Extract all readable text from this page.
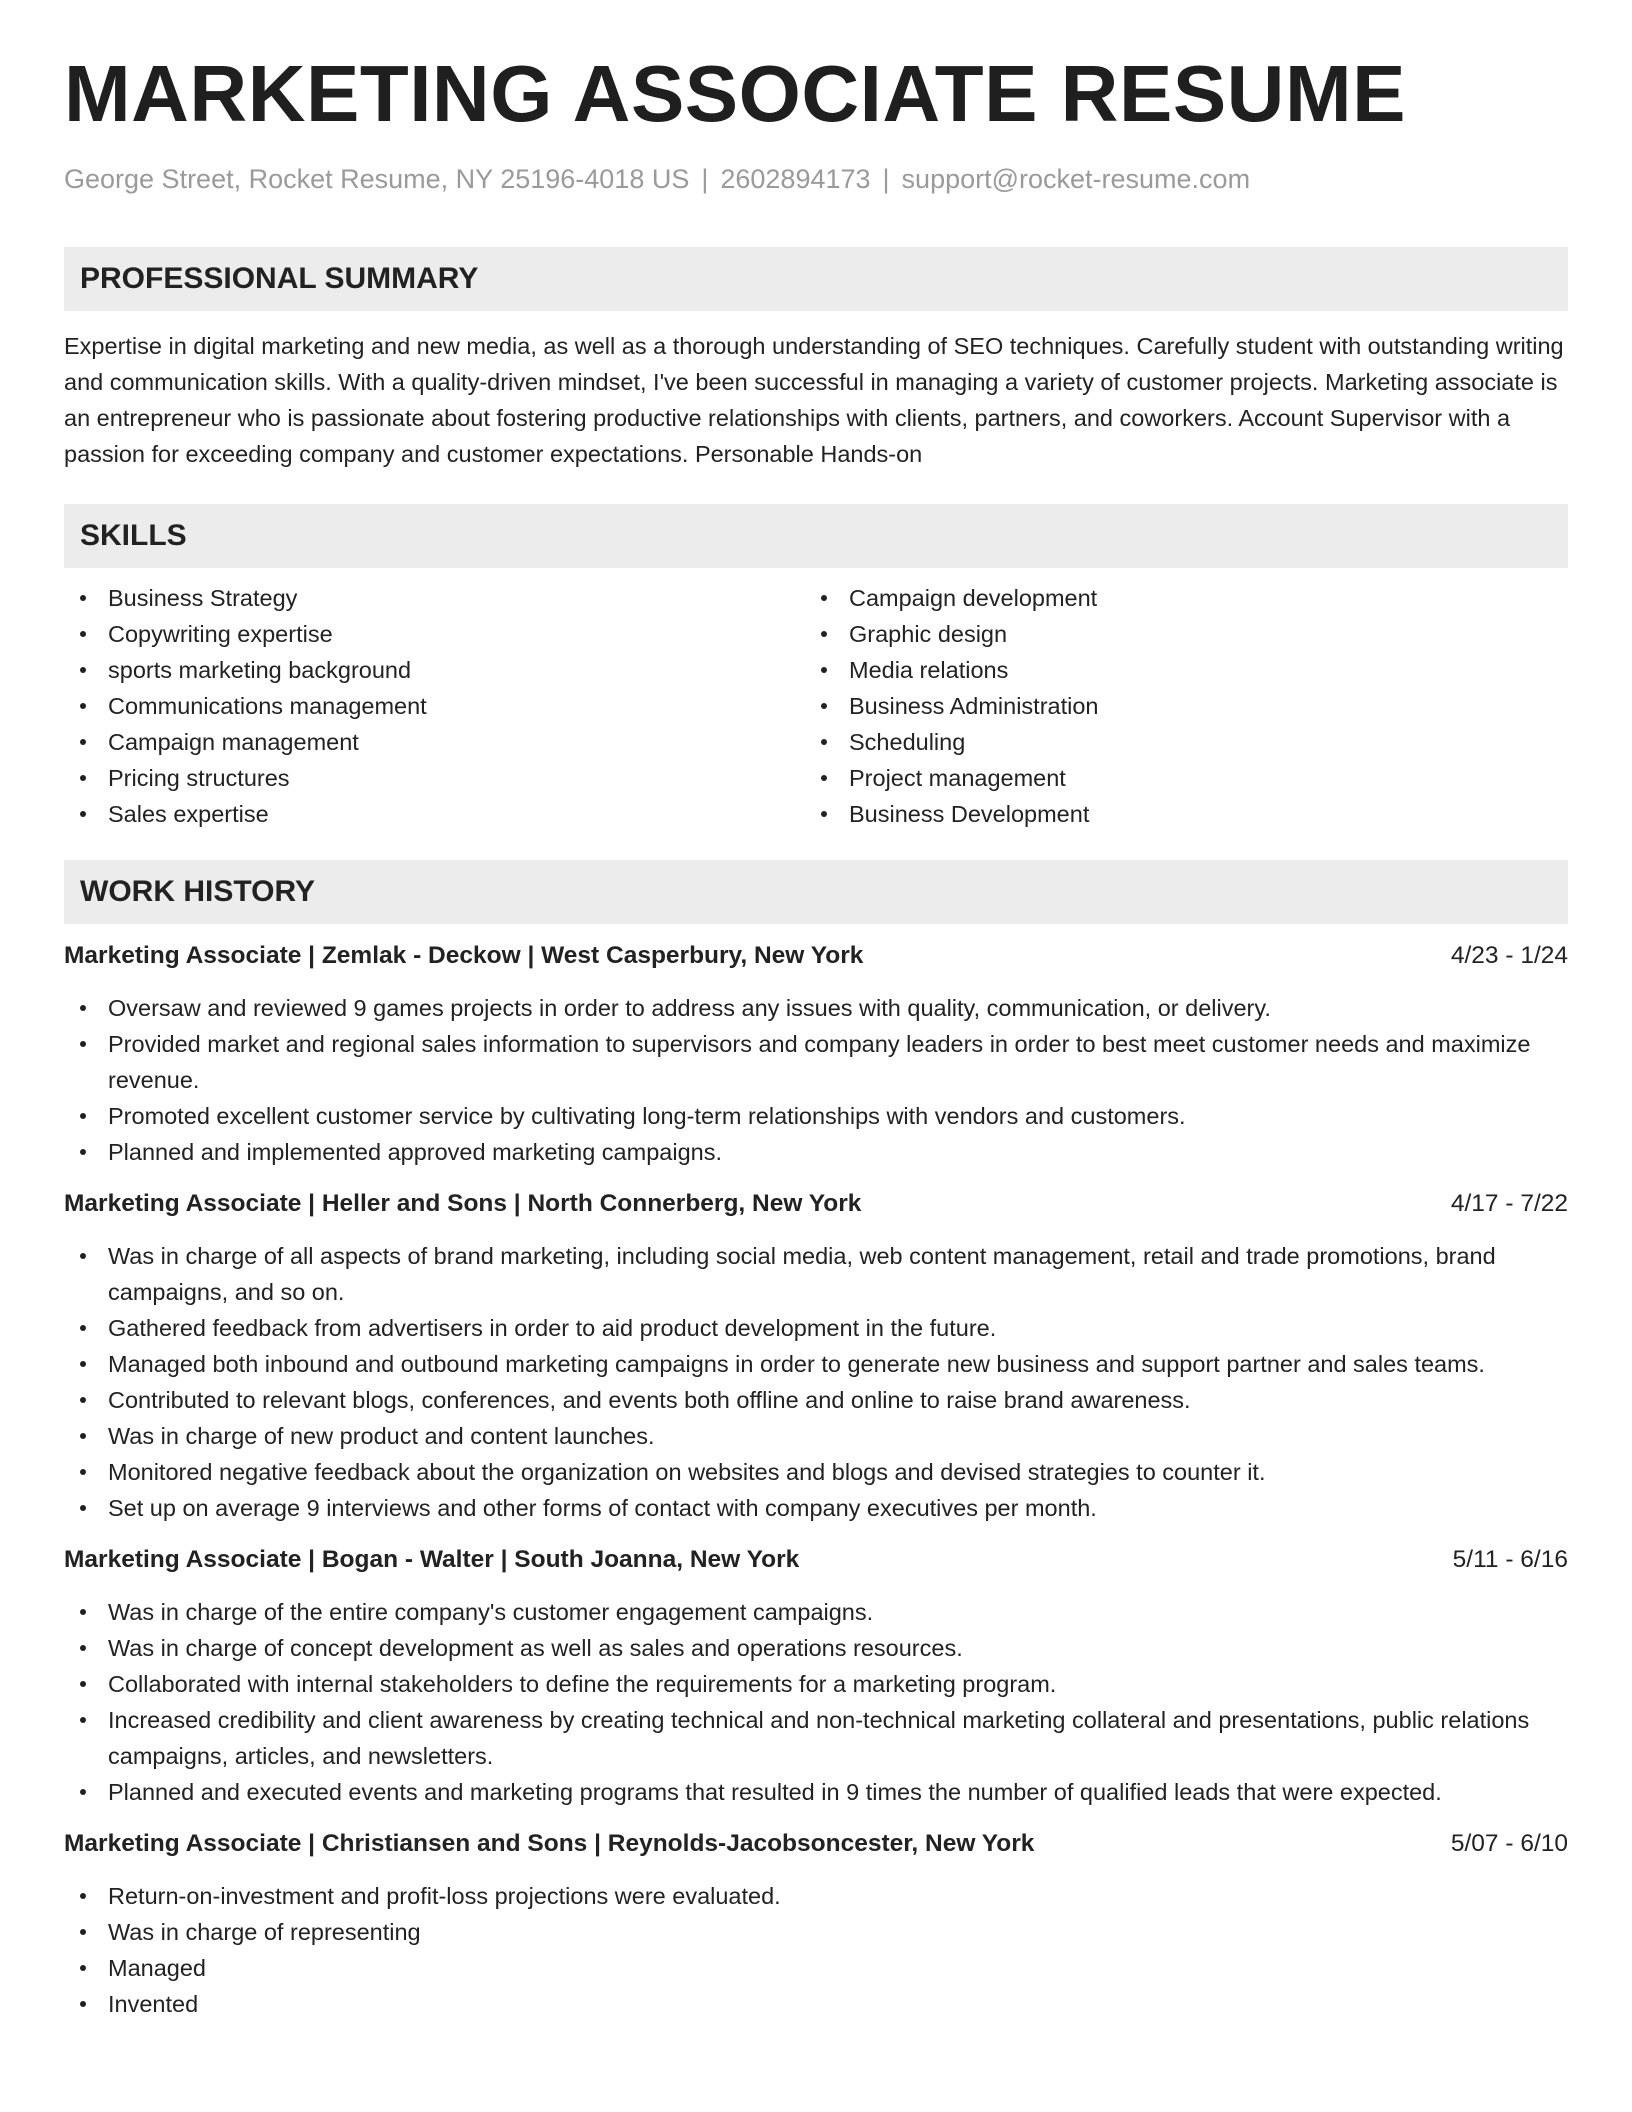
MARKETING ASSOCIATE RESUME
George Street, Rocket Resume, NY 25196-4018 US | 2602894173 | support@rocket-resume.com
PROFESSIONAL SUMMARY
Expertise in digital marketing and new media, as well as a thorough understanding of SEO techniques. Carefully student with outstanding writing and communication skills. With a quality-driven mindset, I've been successful in managing a variety of customer projects. Marketing associate is an entrepreneur who is passionate about fostering productive relationships with clients, partners, and coworkers. Account Supervisor with a passion for exceeding company and customer expectations. Personable Hands-on
SKILLS
Business Strategy
Copywriting expertise
sports marketing background
Communications management
Campaign management
Pricing structures
Sales expertise
Campaign development
Graphic design
Media relations
Business Administration
Scheduling
Project management
Business Development
WORK HISTORY
Marketing Associate | Zemlak - Deckow | West Casperbury, New York	4/23 - 1/24
Oversaw and reviewed 9 games projects in order to address any issues with quality, communication, or delivery.
Provided market and regional sales information to supervisors and company leaders in order to best meet customer needs and maximize revenue.
Promoted excellent customer service by cultivating long-term relationships with vendors and customers.
Planned and implemented approved marketing campaigns.
Marketing Associate | Heller and Sons | North Connerberg, New York	4/17 - 7/22
Was in charge of all aspects of brand marketing, including social media, web content management, retail and trade promotions, brand campaigns, and so on.
Gathered feedback from advertisers in order to aid product development in the future.
Managed both inbound and outbound marketing campaigns in order to generate new business and support partner and sales teams.
Contributed to relevant blogs, conferences, and events both offline and online to raise brand awareness.
Was in charge of new product and content launches.
Monitored negative feedback about the organization on websites and blogs and devised strategies to counter it.
Set up on average 9 interviews and other forms of contact with company executives per month.
Marketing Associate | Bogan - Walter | South Joanna, New York	5/11 - 6/16
Was in charge of the entire company's customer engagement campaigns.
Was in charge of concept development as well as sales and operations resources.
Collaborated with internal stakeholders to define the requirements for a marketing program.
Increased credibility and client awareness by creating technical and non-technical marketing collateral and presentations, public relations campaigns, articles, and newsletters.
Planned and executed events and marketing programs that resulted in 9 times the number of qualified leads that were expected.
Marketing Associate | Christiansen and Sons | Reynolds-Jacobsoncester, New York	5/07 - 6/10
Return-on-investment and profit-loss projections were evaluated.
Was in charge of representing
Managed
Invented
